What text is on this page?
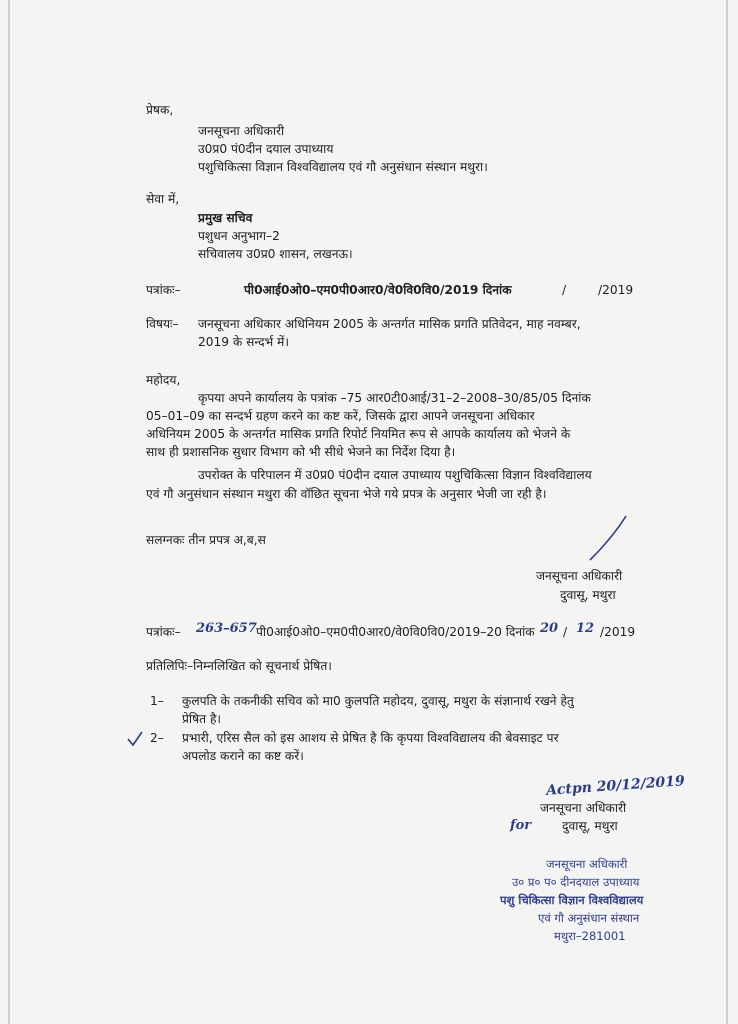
प्रेषक,
जनसूचना अधिकारी
उ0प्र0 पं0दीन दयाल उपाध्याय
पशुचिकित्सा विज्ञान विश्वविद्यालय एवं गौ अनुसंधान संस्थान मथुरा।
सेवा में,
प्रमुख सचिव
पशुधन अनुभाग–2
सचिवालय उ0प्र0 शासन, लखनऊ।
पत्रांकः–	पी0आई0ओ0–एम0पी0आर0/वे0वि0वि0/2019 दिनांक	/	/2019
विषयः– जनसूचना अधिकार अधिनियम 2005 के अन्तर्गत मासिक प्रगति प्रतिवेदन, माह नवम्बर,
2019 के सन्दर्भ में।
महोदय,
कृपया अपने कार्यालय के पत्रांक –75 आर0टी0आई/31–2–2008–30/85/05 दिनांक
05–01–09 का सन्दर्भ ग्रहण करने का कष्ट करें, जिसके द्वारा आपने जनसूचना अधिकार
अधिनियम 2005 के अन्तर्गत मासिक प्रगति रिपोर्ट नियमित रूप से आपके कार्यालय को भेजने के
साथ ही प्रशासनिक सुधार विभाग को भी सीधे भेजने का निर्देश दिया है।
उपरोक्त के परिपालन में उ0प्र0 पं0दीन दयाल उपाध्याय पशुचिकित्सा विज्ञान विश्वविद्यालय
एवं गौ अनुसंधान संस्थान मथुरा की वॉछित सूचना भेजे गये प्रपत्र के अनुसार भेजी जा रही है।
सलग्नकः तीन प्रपत्र अ,ब,स
जनसूचना अधिकारी
दुवासू, मथुरा
पत्रांकः– 263–657 पी0आई0ओ0–एम0पी0आर0/वे0वि0वि0/2019–20 दिनांक 20 / 12 /2019
प्रतिलिपिः–निम्नलिखित को सूचनार्थ प्रेषित।
1– कुलपति के तकनीकी सचिव को मा0 कुलपति महोदय, दुवासू, मथुरा के संज्ञानार्थ रखने हेतु
प्रेषित है।
2– प्रभारी, एरिस सैल को इस आशय से प्रेषित है कि कृपया विश्वविद्यालय की बेवसाइट पर
अपलोड कराने का कष्ट करें।
Actpn 20/12/2019
for
जनसूचना अधिकारी
दुवासू, मथुरा
जनसूचना अधिकारी
उ० प्र० प० दीनदयाल उपाध्याय
पशु चिकित्सा विज्ञान विश्वविद्यालय
एवं गौ अनुसंधान संस्थान
मथुरा–281001
